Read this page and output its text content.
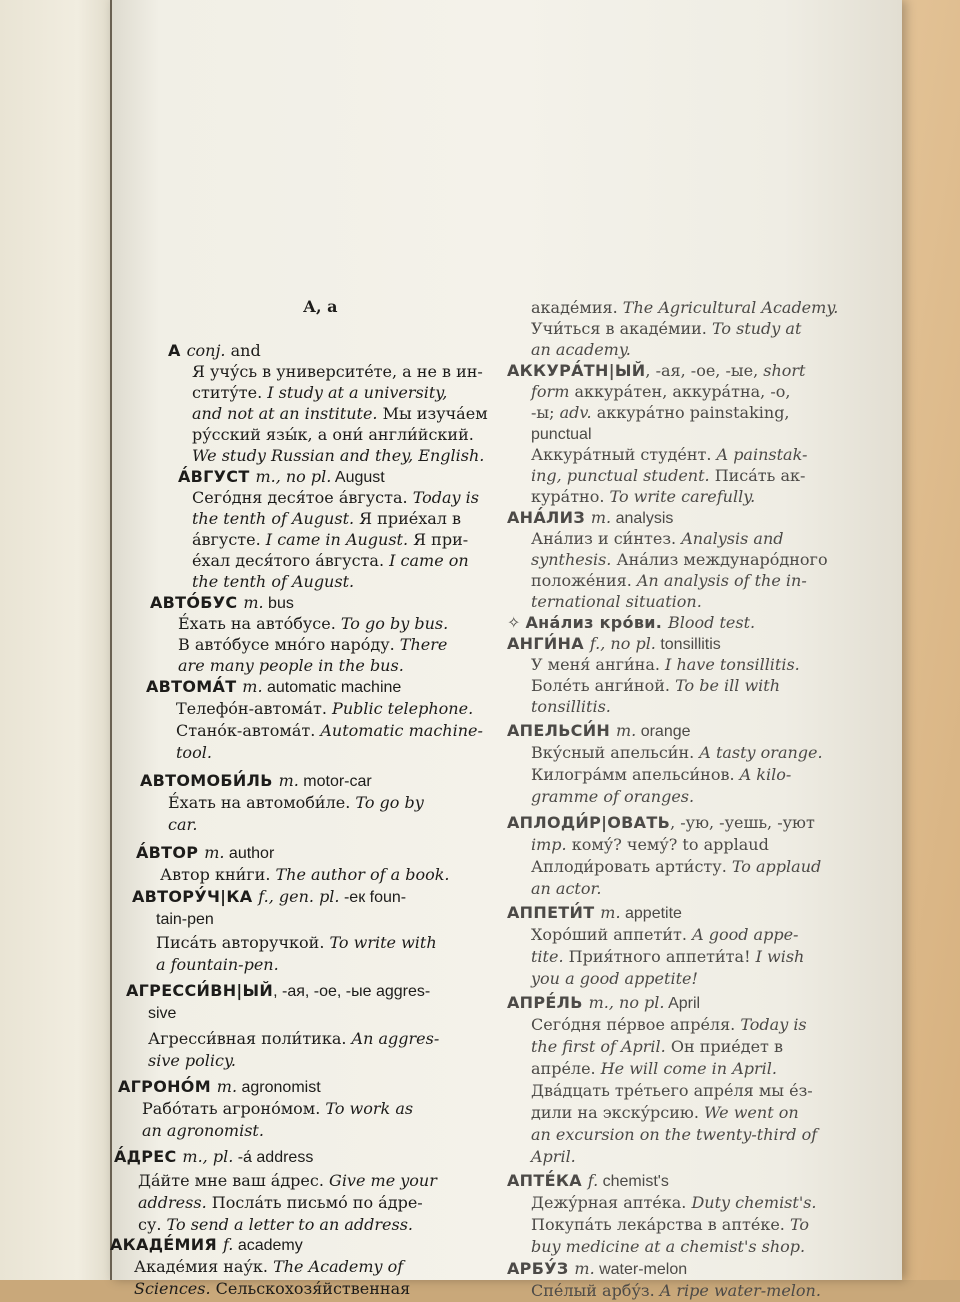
А, а
А conj. and
Я учу́сь в университе́те, а не в ин-
ститу́те. I study at a university,
and not at an institute. Мы изуча́ем
ру́сский язы́к, а они́ англи́йский.
We study Russian and they, English.
А́ВГУСТ m., no pl. August
Сего́дня деся́тое а́вгуста. Today is
the tenth of August. Я прие́хал в
а́вгусте. I came in August. Я при-
е́хал деся́того а́вгуста. I came on
the tenth of August.
АВТО́БУС m. bus
Е́хать на авто́бусе. To go by bus.
В авто́бусе мно́го наро́ду. There
are many people in the bus.
АВТОМА́Т m. automatic machine
Телефо́н-автома́т. Public telephone.
Стано́к-автома́т. Automatic machine-
tool.
АВТОМОБИ́ЛЬ m. motor-car
Е́хать на автомоби́ле. To go by
car.
А́ВТОР m. author
Автор кни́ги. The author of a book.
АВТОРУ́Ч|КА f., gen. pl. -ек foun-
tain-pen
Писа́ть авторучкой. To write with
a fountain-pen.
АГРЕССИ́ВН|ЫЙ, -ая, -ое, -ые aggres-
sive
Агресси́вная поли́тика. An aggres-
sive policy.
АГРОНО́М m. agronomist
Рабо́тать агроно́мом. To work as
an agronomist.
А́ДРЕС m., pl. -а́ address
Да́йте мне ваш а́дрес. Give me your
address. Посла́ть письмо́ по а́дре-
су. To send a letter to an address.
АКАДЕ́МИЯ f. academy
Акаде́мия нау́к. The Academy of
Sciences. Сельскохозя́йственная
акаде́мия. The Agricultural Academy.
Учи́ться в акаде́мии. To study at
an academy.
АККУРА́ТН|ЫЙ, -ая, -ое, -ые, short
form аккура́тен, аккура́тна, -о,
-ы; adv. аккура́тно painstaking,
punctual
Аккура́тный студе́нт. A painstak-
ing, punctual student. Писа́ть ак-
кура́тно. To write carefully.
АНА́ЛИЗ m. analysis
Ана́лиз и си́нтез. Analysis and
synthesis. Ана́лиз междунаро́дного
положе́ния. An analysis of the in-
ternational situation.
✧ Ана́лиз кро́ви. Blood test.
АНГИ́НА f., no pl. tonsillitis
У меня́ анги́на. I have tonsillitis.
Боле́ть анги́ной. To be ill with
tonsillitis.
АПЕЛЬСИ́Н m. orange
Вку́сный апельси́н. A tasty orange.
Килогра́мм апельси́нов. A kilo-
gramme of oranges.
АПЛОДИ́Р|ОВАТЬ, -ую, -уешь, -уют
imp. кому́? чему́? to applaud
Аплоди́ровать арти́сту. To applaud
an actor.
АППЕТИ́Т m. appetite
Хоро́ший аппети́т. A good appe-
tite. Прия́тного аппети́та! I wish
you a good appetite!
АПРЕ́ЛЬ m., no pl. April
Сего́дня пе́рвое апре́ля. Today is
the first of April. Он прие́дет в
апре́ле. He will come in April.
Два́дцать тре́тьего апре́ля мы е́з-
дили на экску́рсию. We went on
an excursion on the twenty-third of
April.
АПТЕ́КА f. chemist's
Дежу́рная апте́ка. Duty chemist's.
Покупа́ть лека́рства в апте́ке. To
buy medicine at a chemist's shop.
АРБУ́З m. water-melon
Спе́лый арбу́з. A ripe water-melon.
